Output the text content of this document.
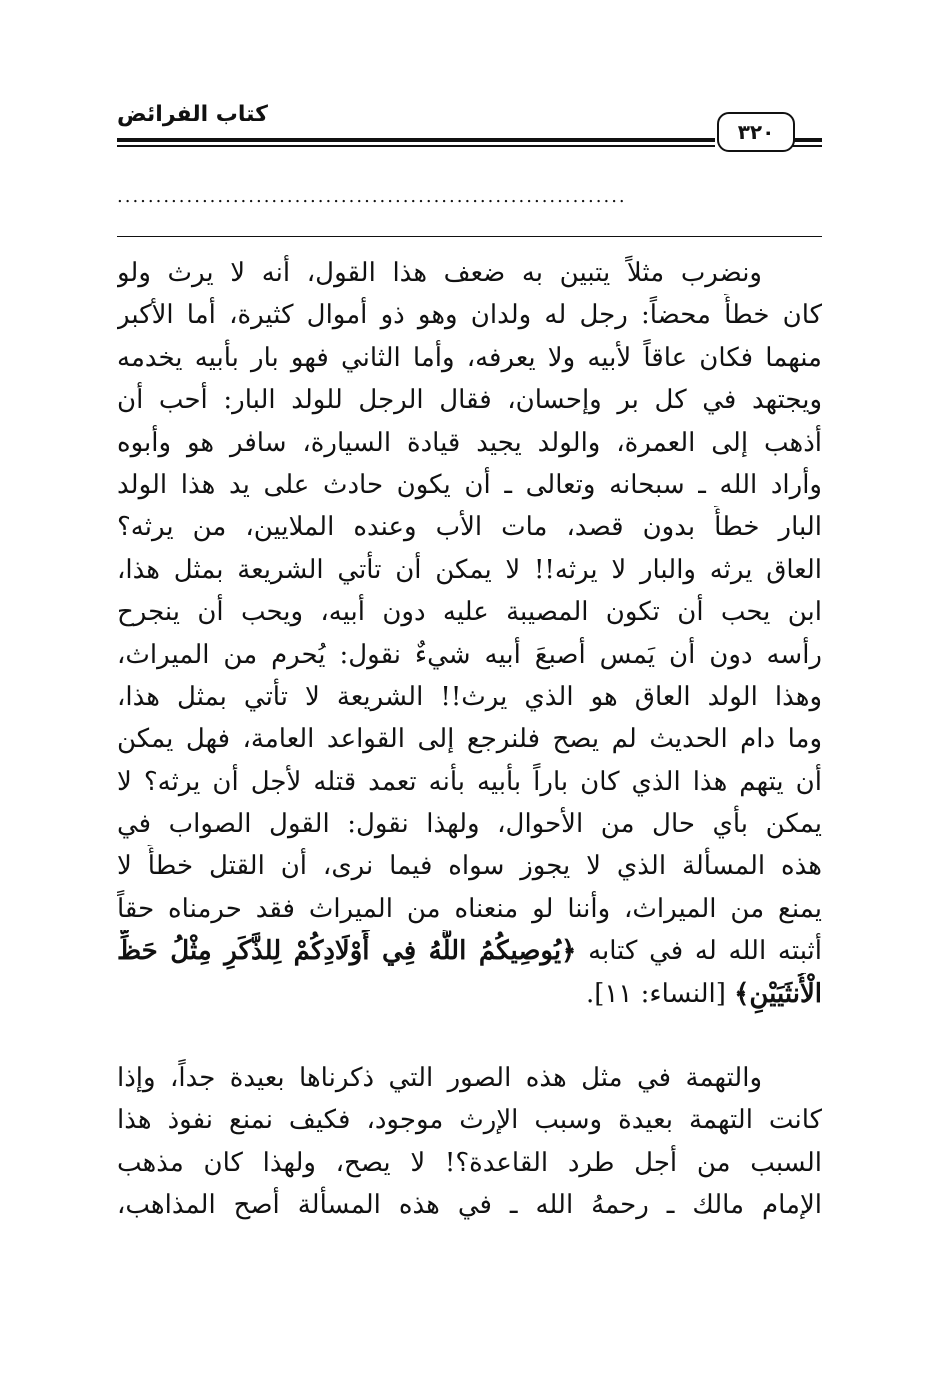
كتاب الفرائض
٣٢٠
..................................................................
ونضرب مثلاً يتبين به ضعف هذا القول، أنه لا يرث ولو
كان خطأً محضاً: رجل له ولدان وهو ذو أموال كثيرة، أما الأكبر
منهما فكان عاقاً لأبيه ولا يعرفه، وأما الثاني فهو بار بأبيه يخدمه
ويجتهد في كل بر وإحسان، فقال الرجل للولد البار: أحب أن
أذهب إلى العمرة، والولد يجيد قيادة السيارة، سافر هو وأبوه
وأراد الله ـ سبحانه وتعالى ـ أن يكون حادث على يد هذا الولد
البار خطأً بدون قصد، مات الأب وعنده الملايين، من يرثه؟
العاق يرثه والبار لا يرثه!! لا يمكن أن تأتي الشريعة بمثل هذا،
ابن يحب أن تكون المصيبة عليه دون أبيه، ويحب أن ينجرح
رأسه دون أن يَمس أصبعَ أبيه شيءٌ نقول: يُحرم من الميراث،
وهذا الولد العاق هو الذي يرث!! الشريعة لا تأتي بمثل هذا،
وما دام الحديث لم يصح فلنرجع إلى القواعد العامة، فهل يمكن
أن يتهم هذا الذي كان باراً بأبيه بأنه تعمد قتله لأجل أن يرثه؟ لا
يمكن بأي حال من الأحوال، ولهذا نقول: القول الصواب في
هذه المسألة الذي لا يجوز سواه فيما نرى، أن القتل خطأً لا
يمنع من الميراث، وأننا لو منعناه من الميراث فقد حرمناه حقاً
أثبته الله له في كتابه ﴿يُوصِيكُمُ اللَّهُ فِي أَوْلَادِكُمْ لِلذَّكَرِ مِثْلُ حَظِّ
الْأُنثَيَيْنِ﴾ [النساء: ١١].
والتهمة في مثل هذه الصور التي ذكرناها بعيدة جداً، وإذا
كانت التهمة بعيدة وسبب الإرث موجود، فكيف نمنع نفوذ هذا
السبب من أجل طرد القاعدة؟! لا يصح، ولهذا كان مذهب
الإمام مالك ـ رحمهُ الله ـ في هذه المسألة أصح المذاهب،
